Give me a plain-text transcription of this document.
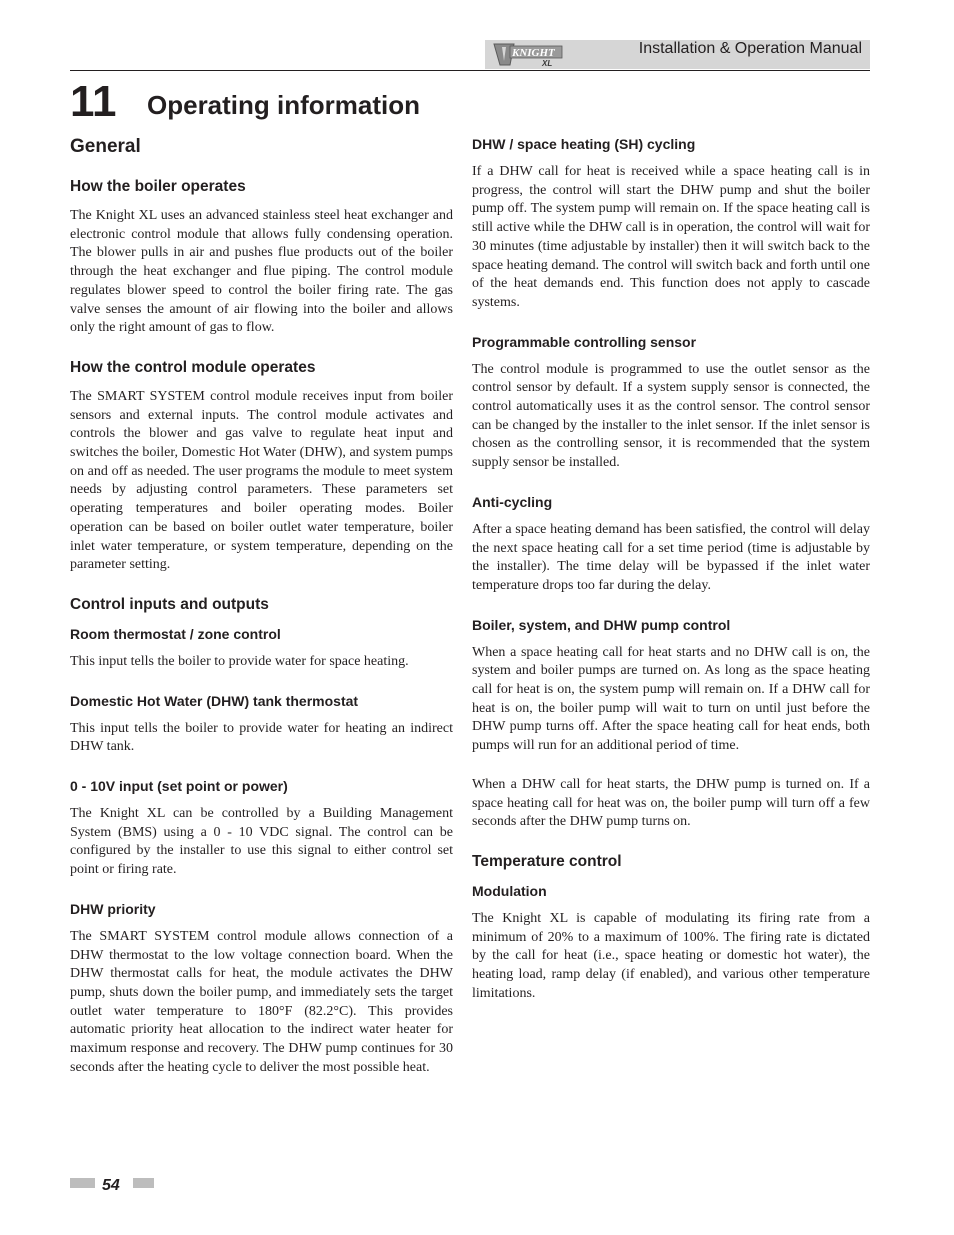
KNIGHT
XL
Installation & Operation Manual
11 Operating information
General
How the boiler operates

The Knight XL uses an advanced stainless steel heat exchanger and electronic control module that allows fully condensing operation. The blower pulls in air and pushes flue products out of the boiler through the heat exchanger and flue piping. The control module regulates blower speed to control the boiler firing rate. The gas valve senses the amount of air flowing into the boiler and allows only the right amount of gas to flow.

How the control module operates

The SMART SYSTEM control module receives input from boiler sensors and external inputs. The control module activates and controls the blower and gas valve to regulate heat input and switches the boiler, Domestic Hot Water (DHW), and system pumps on and off as needed. The user programs the module to meet system needs by adjusting control parameters. These parameters set operating temperatures and boiler operating modes. Boiler operation can be based on boiler outlet water temperature, boiler inlet water temperature, or system temperature, depending on the parameter setting.

Control inputs and outputs
Room thermostat / zone control

This input tells the boiler to provide water for space heating.

Domestic Hot Water (DHW) tank thermostat

This input tells the boiler to provide water for heating an indirect DHW tank.

0 - 10V input (set point or power)

The Knight XL can be controlled by a Building Management System (BMS) using a 0 - 10 VDC signal. The control can be configured by the installer to use this signal to either control set point or firing rate.

DHW priority

The SMART SYSTEM control module allows connection of a DHW thermostat to the low voltage connection board. When the DHW thermostat calls for heat, the module activates the DHW pump, shuts down the boiler pump, and immediately sets the target outlet water temperature to 180°F (82.2°C). This provides automatic priority heat allocation to the indirect water heater for maximum response and recovery. The DHW pump continues for 30 seconds after the heating cycle to deliver the most possible heat.

DHW / space heating (SH) cycling

If a DHW call for heat is received while a space heating call is in progress, the control will start the DHW pump and shut the boiler pump off. The system pump will remain on. If the space heating call is still active while the DHW call is in operation, the control will wait for 30 minutes (time adjustable by installer) then it will switch back to the space heating demand. The control will switch back and forth until one of the heat demands end. This function does not apply to cascade systems.

Programmable controlling sensor

The control module is programmed to use the outlet sensor as the control sensor by default. If a system supply sensor is connected, the control automatically uses it as the control sensor. The control sensor can be changed by the installer to the inlet sensor. If the inlet sensor is chosen as the controlling sensor, it is recommended that the system supply sensor be installed.

Anti-cycling

After a space heating demand has been satisfied, the control will delay the next space heating call for a set time period (time is adjustable by the installer). The time delay will be bypassed if the inlet water temperature drops too far during the delay.

Boiler, system, and DHW pump control

When a space heating call for heat starts and no DHW call is on, the system and boiler pumps are turned on. As long as the space heating call for heat is on, the system pump will remain on. If a DHW call for heat is on, the boiler pump will wait to turn on until just before the DHW pump turns off. After the space heating call for heat ends, both pumps will run for an additional period of time.

When a DHW call for heat starts, the DHW pump is turned on. If a space heating call for heat was on, the boiler pump will turn off a few seconds after the DHW pump turns on.

Temperature control
Modulation

The Knight XL is capable of modulating its firing rate from a minimum of 20% to a maximum of 100%. The firing rate is dictated by the call for heat (i.e., space heating or domestic hot water), the heating load, ramp delay (if enabled), and various other temperature limitations.

54
